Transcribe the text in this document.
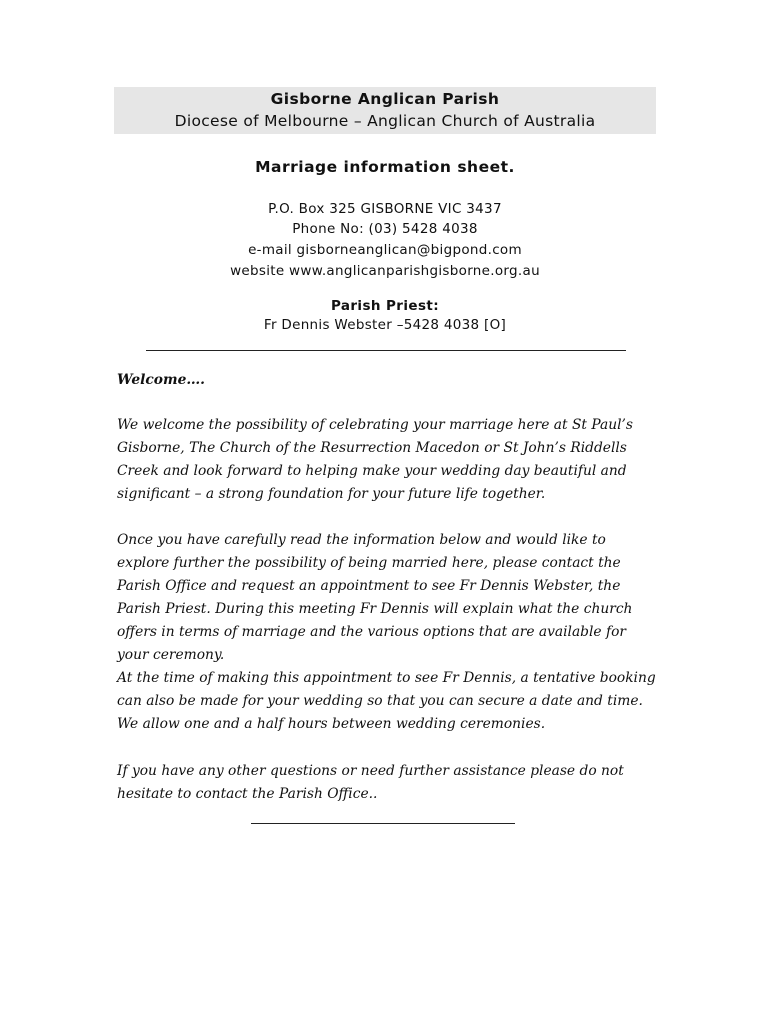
Gisborne Anglican Parish
Diocese of Melbourne – Anglican Church of Australia
Marriage information sheet.
P.O. Box 325 GISBORNE VIC 3437
Phone No: (03) 5428 4038
e-mail gisborneanglican@bigpond.com
website www.anglicanparishgisborne.org.au
Parish Priest:
Fr Dennis Webster –5428 4038 [O]

Welcome….

We welcome the possibility of celebrating your marriage here at St Paul’s Gisborne, The Church of the Resurrection Macedon or St John’s Riddells Creek and look forward to helping make your wedding day beautiful and significant – a strong foundation for your future life together.

Once you have carefully read the information below and would like to explore further the possibility of being married here, please contact the Parish Office and request an appointment to see Fr Dennis Webster, the Parish Priest. During this meeting Fr Dennis will explain what the church offers in terms of marriage and the various options that are available for your ceremony.

At the time of making this appointment to see Fr Dennis, a tentative booking can also be made for your wedding so that you can secure a date and time. We allow one and a half hours between wedding ceremonies.

If you have any other questions or need further assistance please do not hesitate to contact the Parish Office..
